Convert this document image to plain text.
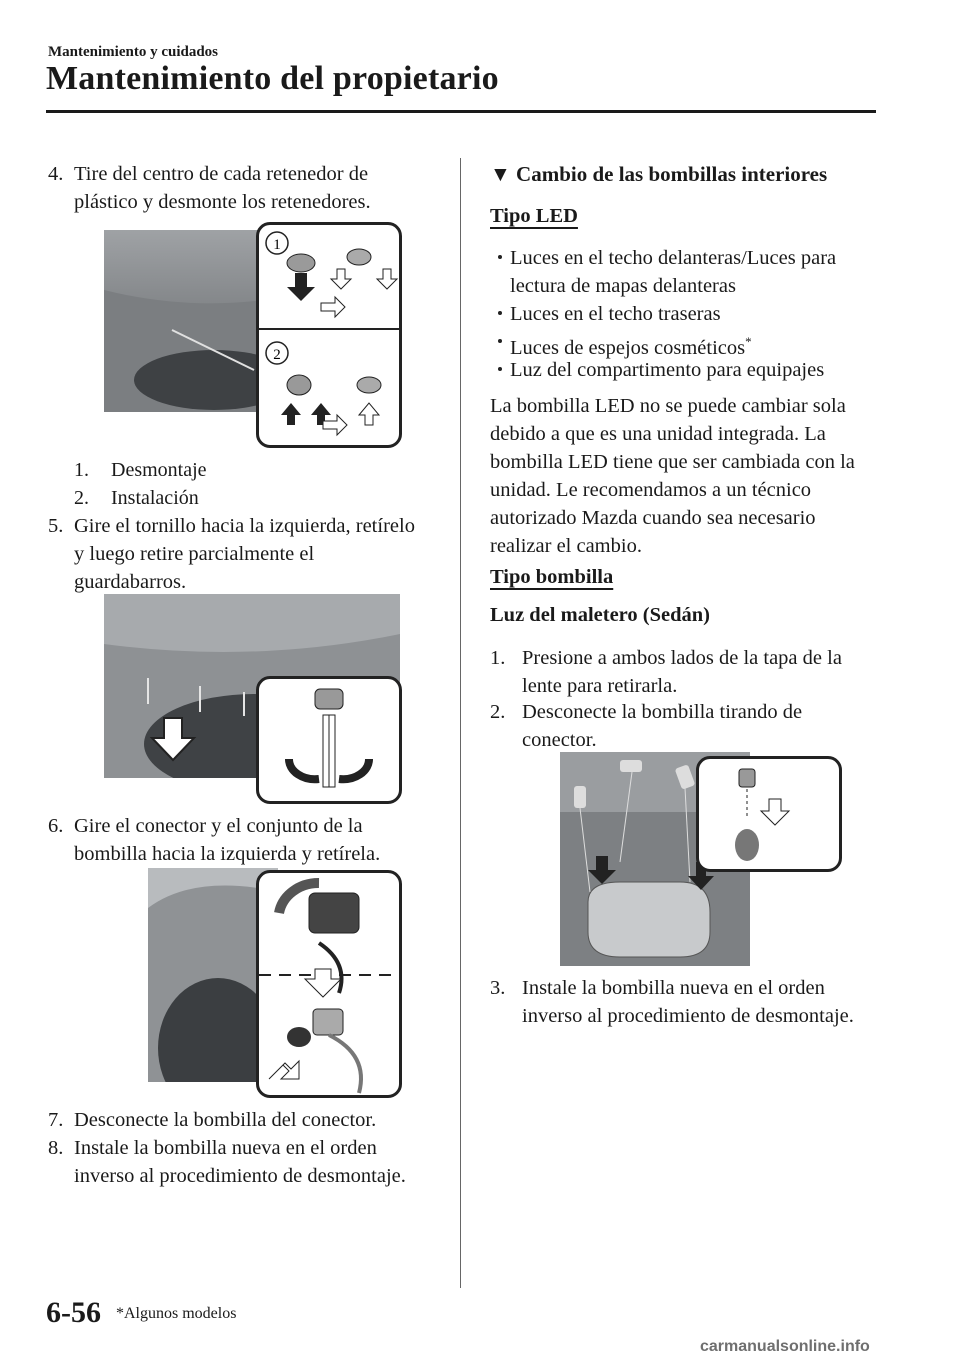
Mantenimiento y cuidados
Mantenimiento del propietario
4. Tire del centro de cada retenedor de plástico y desmonte los retenedores.
1
2
1.	Desmontaje
2.	Instalación
5. Gire el tornillo hacia la izquierda, retírelo y luego retire parcialmente el guardabarros.
6. Gire el conector y el conjunto de la bombilla hacia la izquierda y retírela.
7. Desconecte la bombilla del conector.
8. Instale la bombilla nueva en el orden inverso al procedimiento de desmontaje.
▼ Cambio de las bombillas interiores
Tipo LED
Luces en el techo delanteras/Luces para lectura de mapas delanteras
Luces en el techo traseras
Luces de espejos cosméticos*
Luz del compartimento para equipajes
La bombilla LED no se puede cambiar sola debido a que es una unidad integrada. La bombilla LED tiene que ser cambiada con la unidad. Le recomendamos a un técnico autorizado Mazda cuando sea necesario realizar el cambio.
Tipo bombilla
Luz del maletero (Sedán)
1. Presione a ambos lados de la tapa de la lente para retirarla.
2. Desconecte la bombilla tirando de conector.
3. Instale la bombilla nueva en el orden inverso al procedimiento de desmontaje.
6-56 *Algunos modelos
carmanualsonline.info
